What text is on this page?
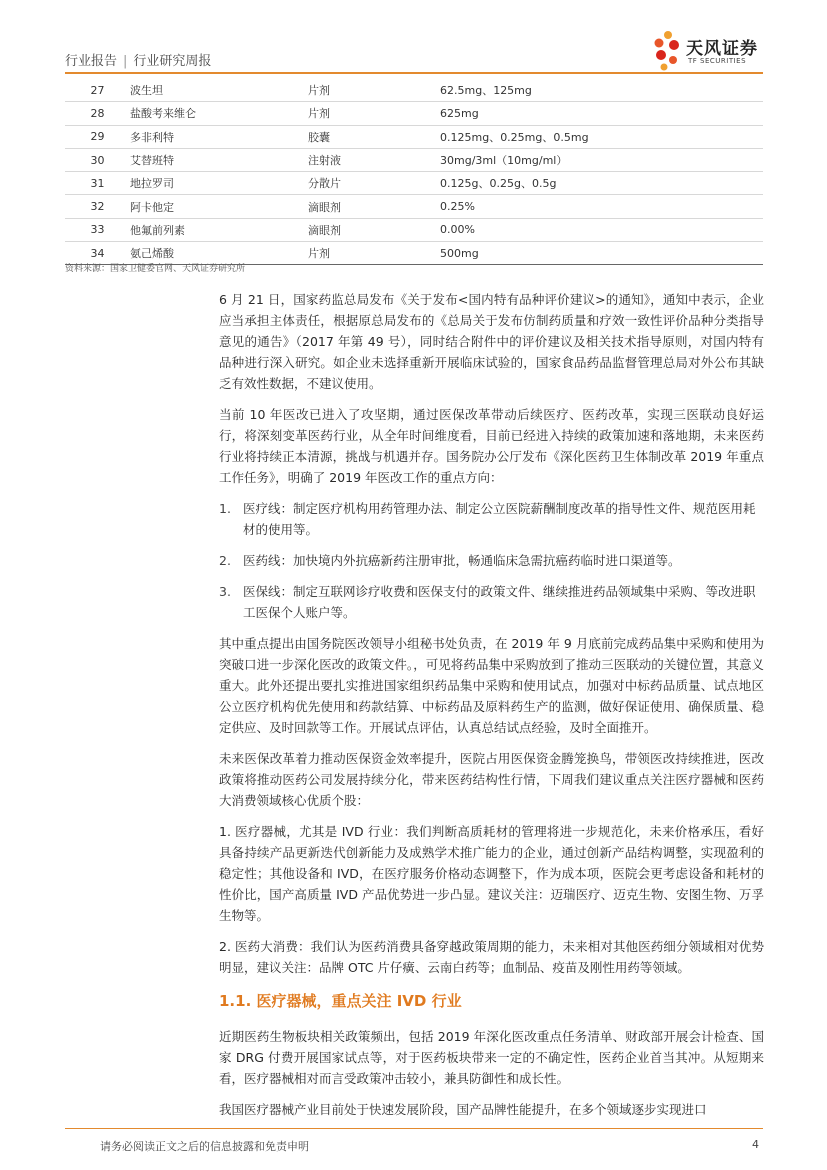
行业报告 | 行业研究周报
天风证券
TF SECURITIES
27	波生坦	片剂	62.5mg、125mg
28	盐酸考来维仑	片剂	625mg
29	多非利特	胶囊	0.125mg、0.25mg、0.5mg
30	艾替班特	注射液	30mg/3ml（10mg/ml）
31	地拉罗司	分散片	0.125g、0.25g、0.5g
32	阿卡他定	滴眼剂	0.25%
33	他氟前列素	滴眼剂	0.00%
34	氨己烯酸	片剂	500mg
资料来源：国家卫健委官网、天风证券研究所

6 月 21 日，国家药监总局发布《关于发布<国内特有品种评价建议>的通知》，通知中表示，企业应当承担主体责任，根据原总局发布的《总局关于发布仿制药质量和疗效一致性评价品种分类指导意见的通告》（2017 年第 49 号），同时结合附件中的评价建议及相关技术指导原则，对国内特有品种进行深入研究。如企业未选择重新开展临床试验的，国家食品药品监督管理总局对外公布其缺乏有效性数据，不建议使用。

当前 10 年医改已进入了攻坚期，通过医保改革带动后续医疗、医药改革，实现三医联动良好运行，将深刻变革医药行业，从全年时间维度看，目前已经进入持续的政策加速和落地期，未来医药行业将持续正本清源，挑战与机遇并存。国务院办公厅发布《深化医药卫生体制改革 2019 年重点工作任务》，明确了 2019 年医改工作的重点方向：

1. 医疗线：制定医疗机构用药管理办法、制定公立医院薪酬制度改革的指导性文件、规范医用耗材的使用等。
2. 医药线：加快境内外抗癌新药注册审批，畅通临床急需抗癌药临时进口渠道等。
3. 医保线：制定互联网诊疗收费和医保支付的政策文件、继续推进药品领域集中采购、等改进职工医保个人账户等。

其中重点提出由国务院医改领导小组秘书处负责，在 2019 年 9 月底前完成药品集中采购和使用为突破口进一步深化医改的政策文件。，可见将药品集中采购放到了推动三医联动的关键位置，其意义重大。此外还提出要扎实推进国家组织药品集中采购和使用试点，加强对中标药品质量、试点地区公立医疗机构优先使用和药款结算、中标药品及原料药生产的监测，做好保证使用、确保质量、稳定供应、及时回款等工作。开展试点评估，认真总结试点经验，及时全面推开。

未来医保改革着力推动医保资金效率提升，医院占用医保资金腾笼换鸟，带领医改持续推进，医改政策将推动医药公司发展持续分化，带来医药结构性行情，下周我们建议重点关注医疗器械和医药大消费领域核心优质个股：

1. 医疗器械，尤其是 IVD 行业：我们判断高质耗材的管理将进一步规范化，未来价格承压，看好具备持续产品更新迭代创新能力及成熟学术推广能力的企业，通过创新产品结构调整，实现盈利的稳定性；其他设备和 IVD，在医疗服务价格动态调整下，作为成本项，医院会更考虑设备和耗材的性价比，国产高质量 IVD 产品优势进一步凸显。建议关注：迈瑞医疗、迈克生物、安图生物、万孚生物等。
2. 医药大消费：我们认为医药消费具备穿越政策周期的能力，未来相对其他医药细分领域相对优势明显，建议关注：品牌 OTC 片仔癀、云南白药等；血制品、疫苗及刚性用药等领域。
1.1. 医疗器械，重点关注 IVD 行业

近期医药生物板块相关政策频出，包括 2019 年深化医改重点任务清单、财政部开展会计检查、国家 DRG 付费开展国家试点等，对于医药板块带来一定的不确定性，医药企业首当其冲。从短期来看，医疗器械相对而言受政策冲击较小，兼具防御性和成长性。

我国医疗器械产业目前处于快速发展阶段，国产品牌性能提升，在多个领域逐步实现进口

请务必阅读正文之后的信息披露和免责申明	4
